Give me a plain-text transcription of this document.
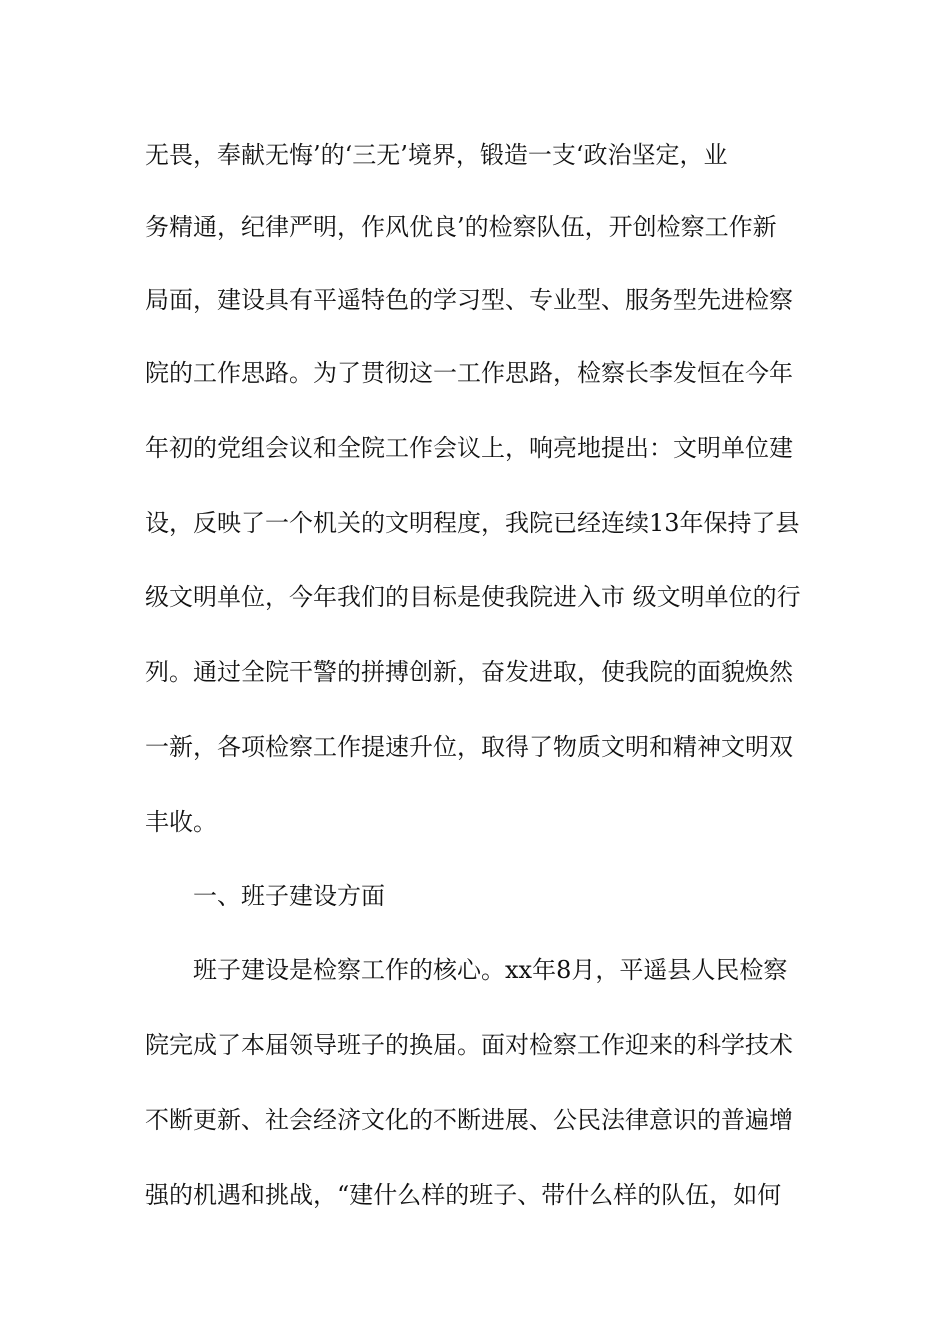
无畏，奉献无悔’的‘三无’境界，锻造一支‘政治坚定，业
务精通，纪律严明，作风优良’的检察队伍，开创检察工作新
局面，建设具有平遥特色的学习型、专业型、服务型先进检察
院的工作思路。为了贯彻这一工作思路，检察长李发恒在今年
年初的党组会议和全院工作会议上，响亮地提出：文明单位建
设，反映了一个机关的文明程度，我院已经连续13年保持了县
级文明单位，今年我们的目标是使我院进入市 级文明单位的行
列。通过全院干警的拼搏创新，奋发进取，使我院的面貌焕然
一新，各项检察工作提速升位，取得了物质文明和精神文明双
丰收。
一、班子建设方面
班子建设是检察工作的核心。xx年8月，平遥县人民检察
院完成了本届领导班子的换届。面对检察工作迎来的科学技术
不断更新、社会经济文化的不断进展、公民法律意识的普遍增
强的机遇和挑战，“建什么样的班子、带什么样的队伍，如何
